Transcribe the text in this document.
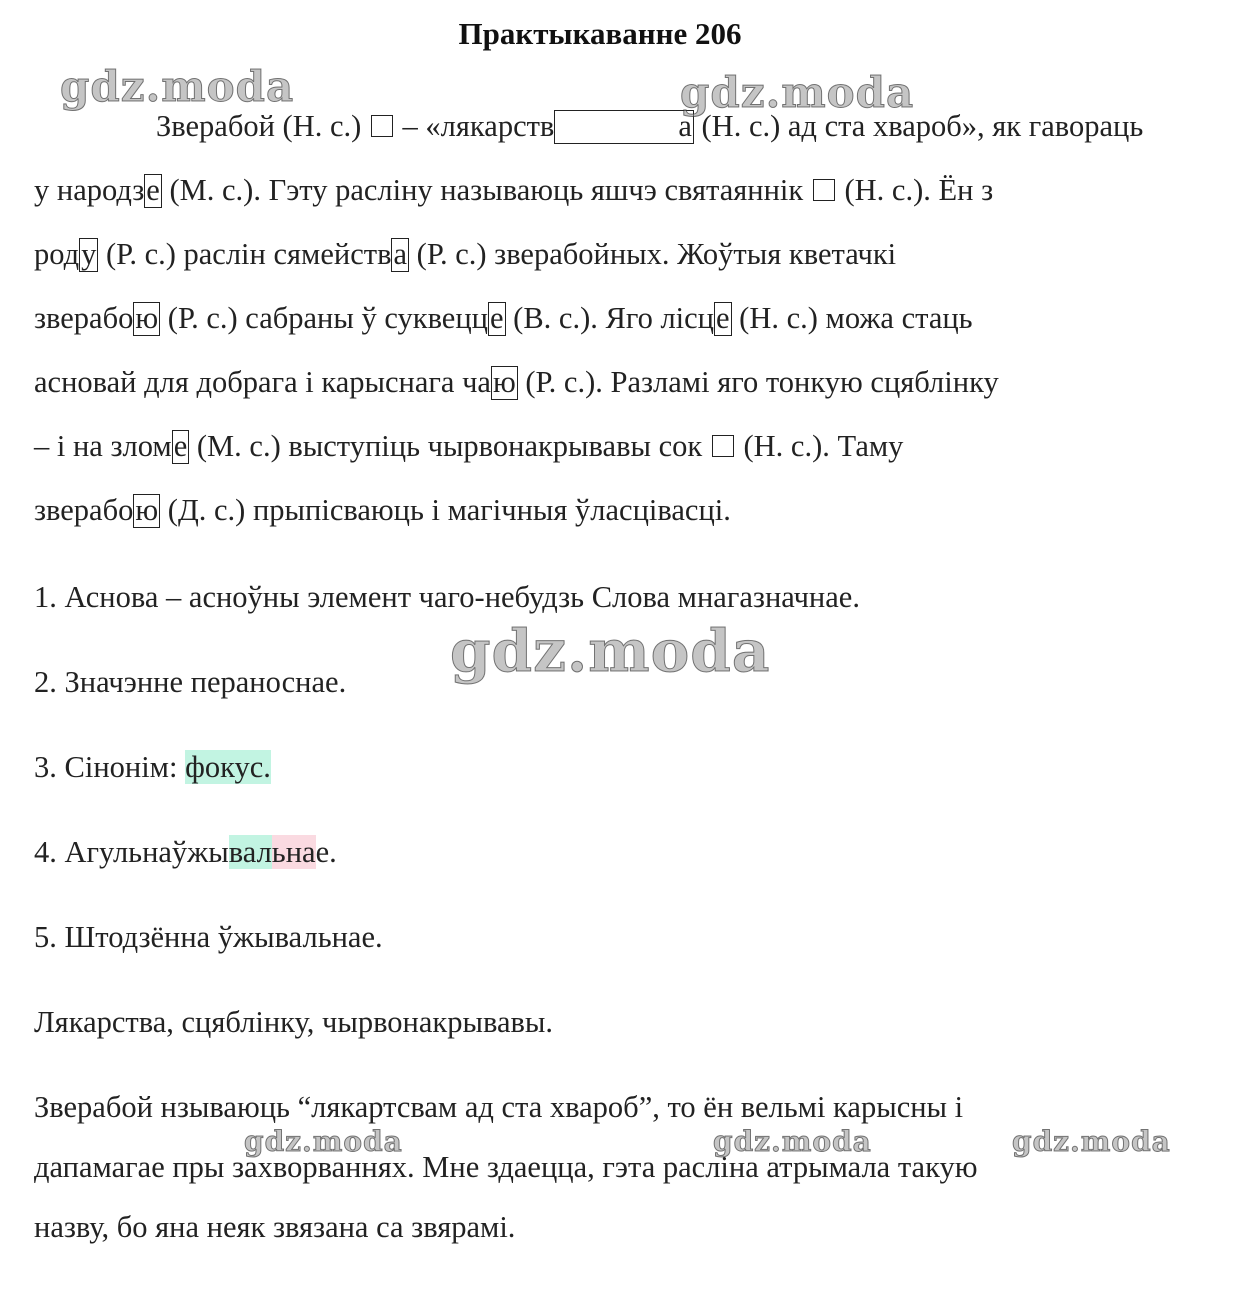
Практыкаванне 206
Зверабой (Н. с.)  – «лякарств	а (Н. с.) ад ста хвароб», як гавораць
у народзе (М. с.). Гэту расліну называюць яшчэ святаяннік  (Н. с.). Ён з
роду (Р. с.) раслін сямейства (Р. с.) зверабойных. Жоўтыя кветачкі
зверабою (Р. с.) сабраны ў суквецце (В. с.). Яго лісце (Н. с.) можа стаць
асновай для добрага і карыснага чаю (Р. с.). Разламі яго тонкую сцяблінку
– і на зломе (М. с.) выступіць чырвонакрывавы сок  (Н. с.). Таму
зверабою (Д. с.) прыпісваюць і магічныя ўласцівасці.
1. Аснова – асноўны элемент чаго-небудзь Слова мнагазначнае.
2. Значэнне пераноснае.
3. Сінонім: фокус.
4. Агульнаўжывальнае.
5. Штодзённа ўжывальнае.
Лякарства, сцяблінку, чырвонакрывавы.
Зверабой нзываюць “лякартсвам ад ста хвароб”, то ён вельмі карысны і
дапамагае пры захворваннях. Мне здаецца, гэта расліна атрымала такую
назву, бо яна неяк звязана са звярамі.
gdz.moda	gdz.moda
gdz.moda
gdz.moda	gdz.moda	gdz.moda
